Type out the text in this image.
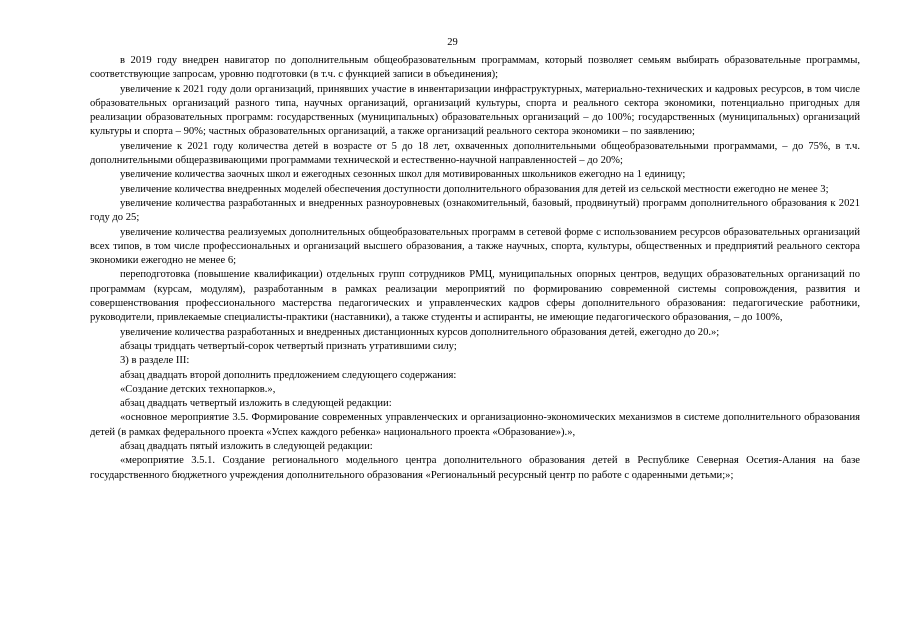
29

в 2019 году внедрен навигатор по дополнительным общеобразовательным программам, который позволяет семьям выбирать образовательные программы, соответствующие запросам, уровню подготовки (в т.ч. с функцией записи в объединения);

увеличение к 2021 году доли организаций, принявших участие в инвентаризации инфраструктурных, материально-технических и кадровых ресурсов, в том числе образовательных организаций разного типа, научных организаций, организаций культуры, спорта и реального сектора экономики, потенциально пригодных для реализации образовательных программ: государственных (муниципальных) образовательных организаций – до 100%; государственных (муниципальных) организаций культуры и спорта – 90%; частных образовательных организаций, а также организаций реального сектора экономики – по заявлению;

увеличение к 2021 году количества детей в возрасте от 5 до 18 лет, охваченных дополнительными общеобразовательными программами, – до 75%, в т.ч. дополнительными общеразвивающими программами технической и естественно-научной направленностей – до 20%;

увеличение количества заочных школ и ежегодных сезонных школ для мотивированных школьников ежегодно на 1 единицу;

увеличение количества внедренных моделей обеспечения доступности дополнительного образования для детей из сельской местности ежегодно не менее 3;

увеличение количества разработанных и внедренных разноуровневых (ознакомительный, базовый, продвинутый) программ дополнительного образования к 2021 году до 25;

увеличение количества реализуемых дополнительных общеобразовательных программ в сетевой форме с использованием ресурсов образовательных организаций всех типов, в том числе профессиональных и организаций высшего образования, а также научных, спорта, культуры, общественных и предприятий реального сектора экономики ежегодно не менее 6;

переподготовка (повышение квалификации) отдельных групп сотрудников РМЦ, муниципальных опорных центров, ведущих образовательных организаций по программам (курсам, модулям), разработанным в рамках реализации мероприятий по формированию современной системы сопровождения, развития и совершенствования профессионального мастерства педагогических и управленческих кадров сферы дополнительного образования: педагогические работники, руководители, привлекаемые специалисты-практики (наставники), а также студенты и аспиранты, не имеющие педагогического образования, – до 100%,

увеличение количества разработанных и внедренных дистанционных курсов дополнительного образования детей, ежегодно до 20.»;

абзацы тридцать четвертый-сорок четвертый признать утратившими силу;

3) в разделе III:

абзац двадцать второй дополнить предложением следующего содержания:

«Создание детских технопарков.»,

абзац двадцать четвертый изложить в следующей редакции:

«основное мероприятие 3.5. Формирование современных управленческих и организационно-экономических механизмов в системе дополнительного образования детей (в рамках федерального проекта «Успех каждого ребенка» национального проекта «Образование»).»,

абзац двадцать пятый изложить в следующей редакции:

«мероприятие 3.5.1. Создание регионального модельного центра дополнительного образования детей в Республике Северная Осетия-Алания на базе государственного бюджетного учреждения дополнительного образования «Региональный ресурсный центр по работе с одаренными детьми;»;
